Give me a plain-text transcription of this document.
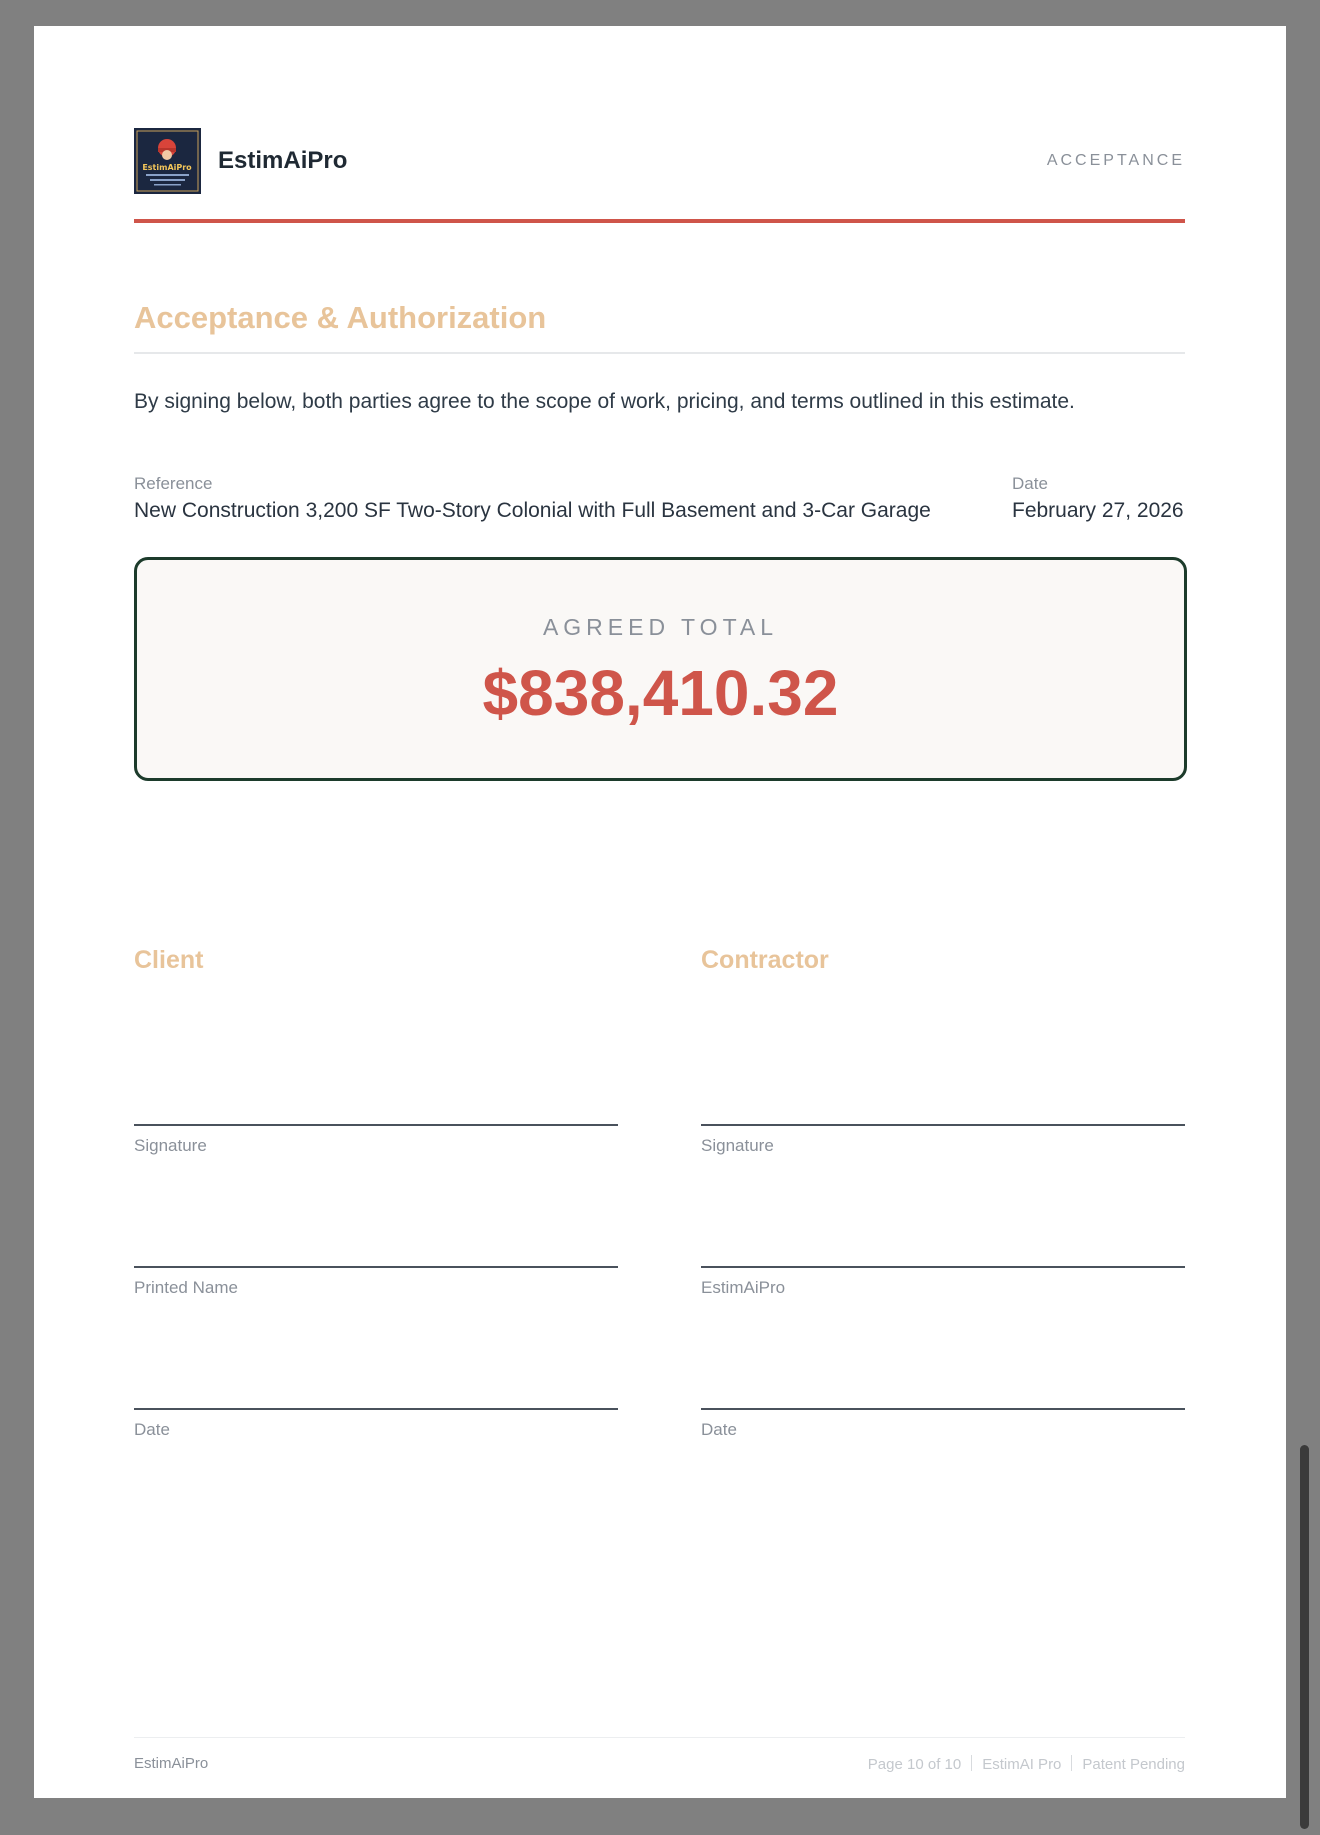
EstimAiPro EstimAiPro	ACCEPTANCE
Acceptance & Authorization
By signing below, both parties agree to the scope of work, pricing, and terms outlined in this estimate.
Reference
New Construction 3,200 SF Two-Story Colonial with Full Basement and 3-Car Garage
Date
February 27, 2026
AGREED TOTAL
$838,410.32
Client
Signature
Printed Name
Date
Contractor
Signature
EstimAiPro
Date
EstimAiPro	Page 10 of 10 EstimAI Pro Patent Pending
